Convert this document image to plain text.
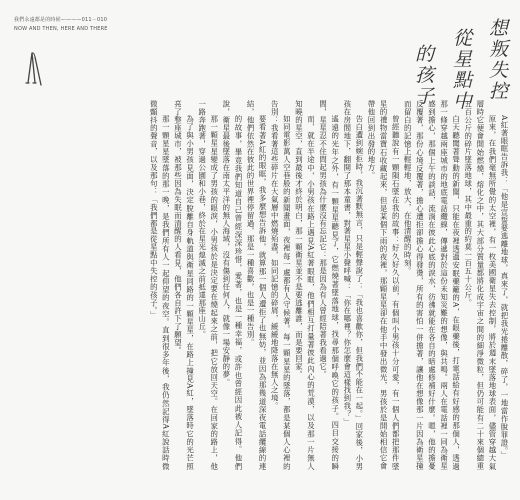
我們永遠都是的時候————011－010
NOW AND THEN, HERE AND THERE	想叛失控
從星點中
的孩子

A紅著眼眶告訴我：「他是宣誓要逃離地球，真來了，就把我光捲離散，碎了，一地當作脫罪證。」

原來，在我們毫無所覺的太空裡，有一枚美國衛星失去控制，將於週末墜落地球表面，儘管穿越大氣層時它便會開始燃燒，熔化之中，其大部分質量都將化成宇宙之間的細淨微粒，但仍可能有二十來個總重五百公斤的碎片墜落地球，其中最重的約莫一百五十公斤。

白天聽聞著聳動的新聞，只能在夜裡透過安眠藥籬的A，在眼藥後，打電話給有好感的那個人，透過那一條穿越兩座城市的地底電話纜線，傳遞對於這份未知災難的想像，與共鳴。兩人在電話裡一同為衛星感到擔心，那個上午的談話，流淌在彼此心底的淚水，彷彿就能在各自的暗處修補好什麼。嗯，他的擔憂反覆著，那份心境反覆著，擔心遭拒卻擔心得發燙，所有的害怕一併擔著，讓他在想像那一片因為衛星撞而留白的記憶上輕輕地，放大，在他清醒的時刻。

曾經聽說有一顆隕石墜在我的故事：好久好久以前，有個叫小男孩十分可愛，有一個人們都把那件墜星的禮物當寶石收藏起來，但是某個下雨的夜裡，那顆星星卻在他手中發出微光，男孩於是開始相信它會帶他回到出發的地方。

告白遭到婉拒時，我沉著默無言，只是輕聲說了：「我也喜歡你，但我們不能在一起。」回家後，小男孩在房間地下，翻開了那本童書，對著星星小聲呼喊：「你在哪裡？你怎麼會這樣找到我？」

遙遠的光年之外，有一顆星星聽見了，它燃燒著墜落地球，找尋那個呼喚它的孩子。四目交接的瞬間，星星忍不住問起男孩為什麼沒有忘記它：那是因為有人曾經陪著我看過它。

而，就在半途中，小男孩在路上遇見A紅著眼眶，他們相互打量著彼此內心的荒漠，以及那一片無人知曉的星空，直到最後才終於明白，那一顆衛星並不是要逃離誰，而是要回家。

如同電影萬人空巷般的新聞畫面，夜裡每一處都有人守候著。每一顆星星的墜落，都是某個人心裡的告別：我看著這些碎片在大氣層中燃燒殆盡，如同記憶的碎屑，緩緩地降落在無人之境。

要看著A紅的眼眶，我多麼想告訴他，就算那一個人遭拒了也無妨，並因為那幾道深夜電話纜線的連結，他們依然在彼此的世界裡停留過，那是一種喜歡，也是一種告別。

的故事，畢竟我們知道自己曾經深深珍惜，愛著，也是一種幸福，或許也曾經因此被人記得。他們說，衛星最後墜落在南太平洋的無人海域，沒有傷到任何人，就像一場安靜的夢。

那一顆星星變成了男孩的眼淚，小男孩於是決定要在燒起來之前，把它放回天空。在回家的路上，他一路奔跑著，穿過公園和小巷，終於在星光熄滅之前抵達那座山丘。

為了與小男孩見面，決定脫離自身軌道與衛星同路的一顆星星，在路上撞見A紅，墜落時它的光芒照亮了整座城市，被那些因為失眠而清醒的人看見，他們各自許下了願望。

那一顆星星墜落的那一晚，是我們所有人一起仰望的夜空。直到很多年後，我仍然記得A紅說話時微微顫抖的聲音，以及那句：「我們都是從星點中失控的孩子。」
